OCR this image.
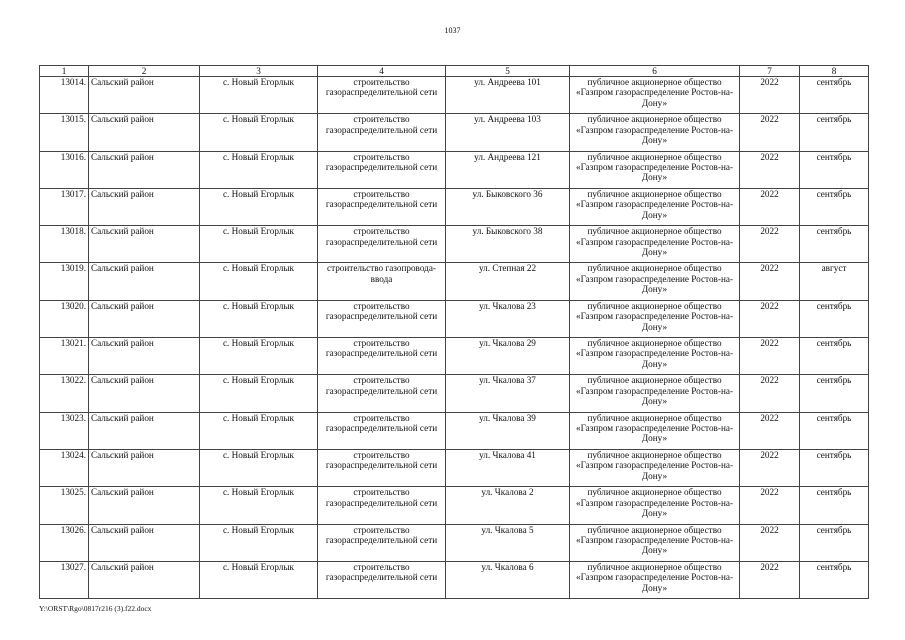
1037
1	2	3	4	5	6	7	8
13014.	Сальский район	с. Новый Егорлык	строительство газораспределительной сети	ул. Андреева 101	публичное акционерное общество «Газпром газораспределение Ростов-на-Дону»	2022	сентябрь
13015.	Сальский район	с. Новый Егорлык	строительство газораспределительной сети	ул. Андреева 103	публичное акционерное общество «Газпром газораспределение Ростов-на-Дону»	2022	сентябрь
13016.	Сальский район	с. Новый Егорлык	строительство газораспределительной сети	ул. Андреева 121	публичное акционерное общество «Газпром газораспределение Ростов-на-Дону»	2022	сентябрь
13017.	Сальский район	с. Новый Егорлык	строительство газораспределительной сети	ул. Быковского 36	публичное акционерное общество «Газпром газораспределение Ростов-на-Дону»	2022	сентябрь
13018.	Сальский район	с. Новый Егорлык	строительство газораспределительной сети	ул. Быковского 38	публичное акционерное общество «Газпром газораспределение Ростов-на-Дону»	2022	сентябрь
13019.	Сальский район	с. Новый Егорлык	строительство газопровода-ввода	ул. Степная 22	публичное акционерное общество «Газпром газораспределение Ростов-на-Дону»	2022	август
13020.	Сальский район	с. Новый Егорлык	строительство газораспределительной сети	ул. Чкалова 23	публичное акционерное общество «Газпром газораспределение Ростов-на-Дону»	2022	сентябрь
13021.	Сальский район	с. Новый Егорлык	строительство газораспределительной сети	ул. Чкалова 29	публичное акционерное общество «Газпром газораспределение Ростов-на-Дону»	2022	сентябрь
13022.	Сальский район	с. Новый Егорлык	строительство газораспределительной сети	ул. Чкалова 37	публичное акционерное общество «Газпром газораспределение Ростов-на-Дону»	2022	сентябрь
13023.	Сальский район	с. Новый Егорлык	строительство газораспределительной сети	ул. Чкалова 39	публичное акционерное общество «Газпром газораспределение Ростов-на-Дону»	2022	сентябрь
13024.	Сальский район	с. Новый Егорлык	строительство газораспределительной сети	ул. Чкалова 41	публичное акционерное общество «Газпром газораспределение Ростов-на-Дону»	2022	сентябрь
13025.	Сальский район	с. Новый Егорлык	строительство газораспределительной сети	ул. Чкалова 2	публичное акционерное общество «Газпром газораспределение Ростов-на-Дону»	2022	сентябрь
13026.	Сальский район	с. Новый Егорлык	строительство газораспределительной сети	ул. Чкалова 5	публичное акционерное общество «Газпром газораспределение Ростов-на-Дону»	2022	сентябрь
13027.	Сальский район	с. Новый Егорлык	строительство газораспределительной сети	ул. Чкалова 6	публичное акционерное общество «Газпром газораспределение Ростов-на-Дону»	2022	сентябрь
Y:\ORST\Rgo\0817r216 (3).f22.docx
